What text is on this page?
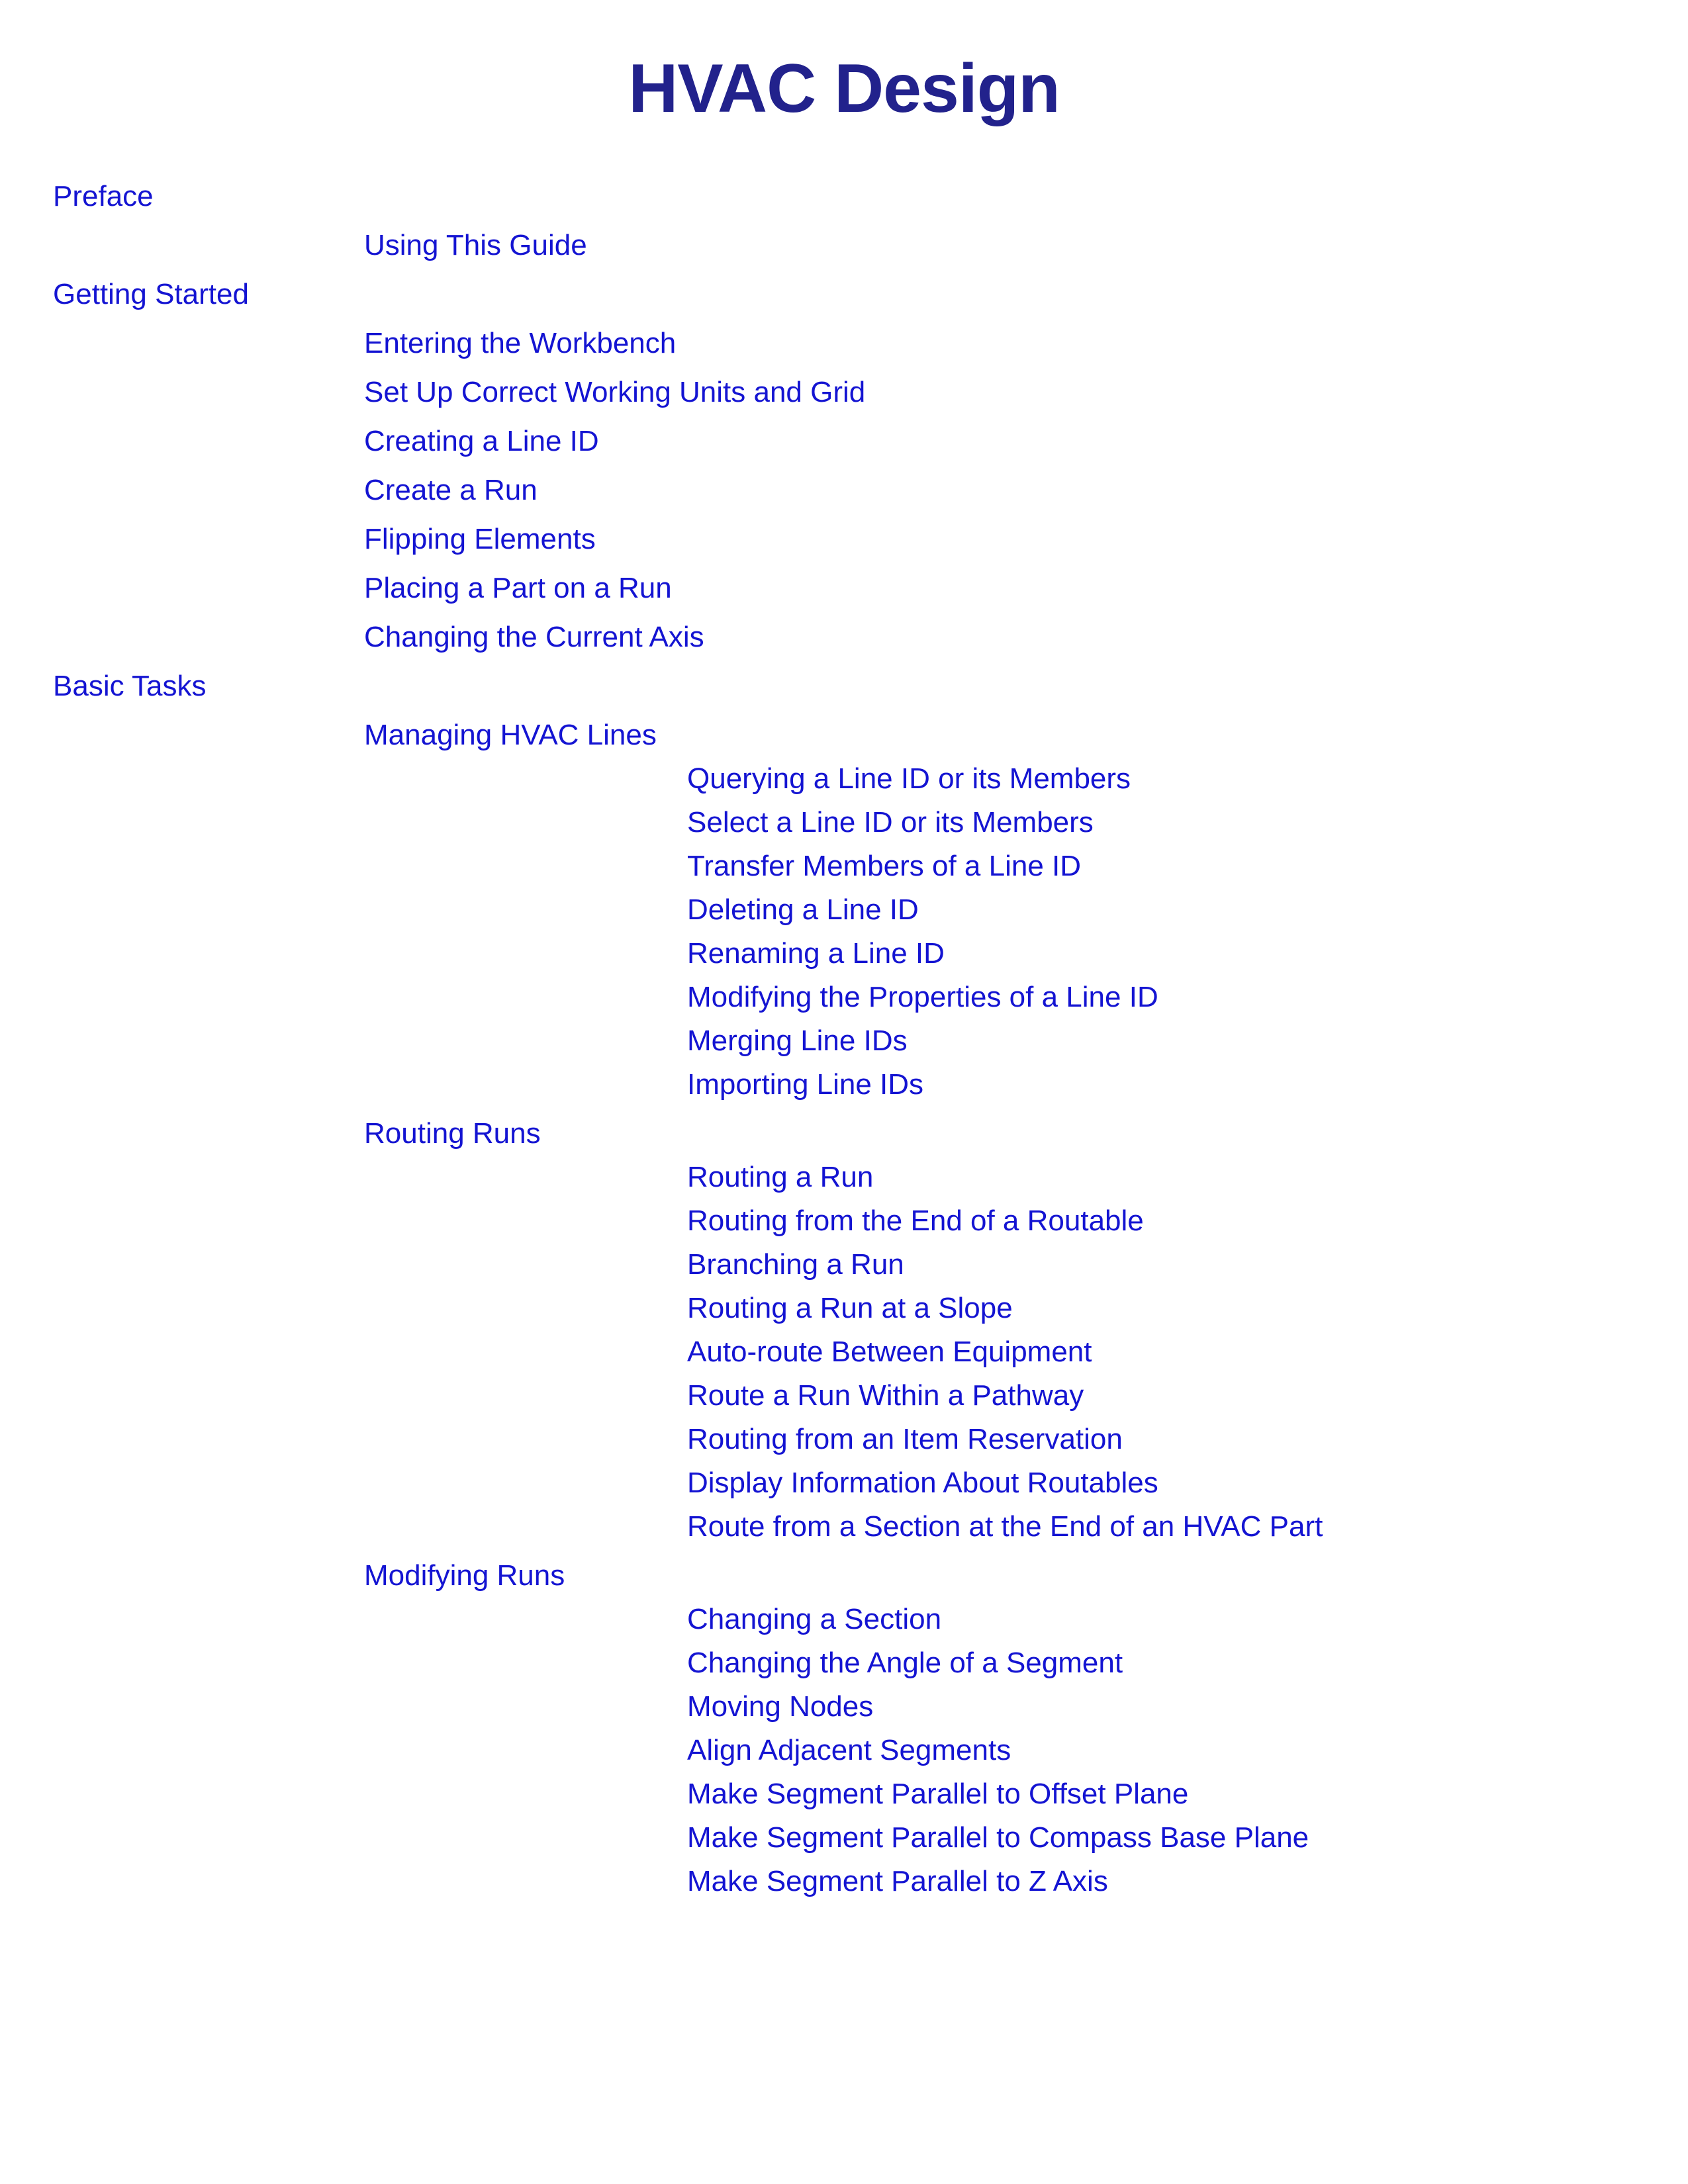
HVAC Design
Preface
Using This Guide
Getting Started
Entering the Workbench
Set Up Correct Working Units and Grid
Creating a Line ID
Create a Run
Flipping Elements
Placing a Part on a Run
Changing the Current Axis
Basic Tasks
Managing HVAC Lines
Querying a Line ID or its Members
Select a Line ID or its Members
Transfer Members of a Line ID
Deleting a Line ID
Renaming a Line ID
Modifying the Properties of a Line ID
Merging Line IDs
Importing Line IDs
Routing Runs
Routing a Run
Routing from the End of a Routable
Branching a Run
Routing a Run at a Slope
Auto-route Between Equipment
Route a Run Within a Pathway
Routing from an Item Reservation
Display Information About Routables
Route from a Section at the End of an HVAC Part
Modifying Runs
Changing a Section
Changing the Angle of a Segment
Moving Nodes
Align Adjacent Segments
Make Segment Parallel to Offset Plane
Make Segment Parallel to Compass Base Plane
Make Segment Parallel to Z Axis
